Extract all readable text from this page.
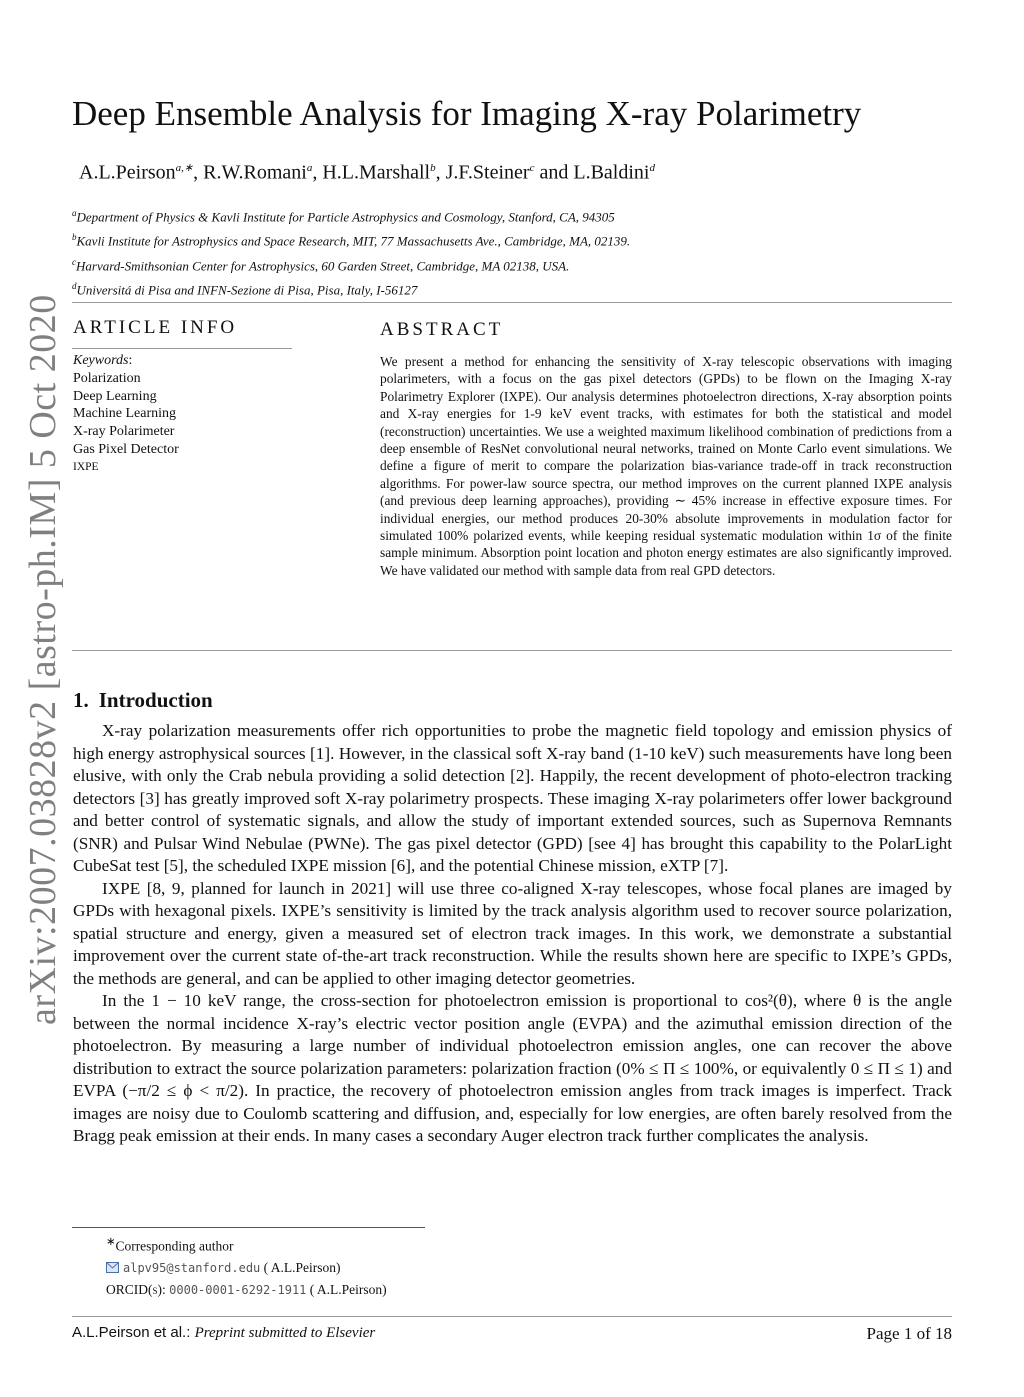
arXiv:2007.03828v2 [astro-ph.IM] 5 Oct 2020
Deep Ensemble Analysis for Imaging X-ray Polarimetry
A.L.Peirson$^{a,∗}$, R.W.Romani$^a$, H.L.Marshall$^b$, J.F.Steiner$^c$ and L.Baldini$^d$
$^a$Department of Physics & Kavli Institute for Particle Astrophysics and Cosmology, Stanford, CA, 94305
$^b$Kavli Institute for Astrophysics and Space Research, MIT, 77 Massachusetts Ave., Cambridge, MA, 02139.
$^c$Harvard-Smithsonian Center for Astrophysics, 60 Garden Street, Cambridge, MA 02138, USA.
$^d$Universitá di Pisa and INFN-Sezione di Pisa, Pisa, Italy, I-56127
ARTICLE INFO
Keywords:
Polarization
Deep Learning
Machine Learning
X-ray Polarimeter
Gas Pixel Detector
IXPE
ABSTRACT

We present a method for enhancing the sensitivity of X-ray telescopic observations with imaging polarimeters, with a focus on the gas pixel detectors (GPDs) to be flown on the Imaging X-ray Polarimetry Explorer (IXPE). Our analysis determines photoelectron directions, X-ray absorption points and X-ray energies for 1-9 keV event tracks, with estimates for both the statistical and model (reconstruction) uncertainties. We use a weighted maximum likelihood combination of predictions from a deep ensemble of ResNet convolutional neural networks, trained on Monte Carlo event simulations. We define a figure of merit to compare the polarization bias-variance trade-off in track reconstruction algorithms. For power-law source spectra, our method improves on the current planned IXPE analysis (and previous deep learning approaches), providing ∼ 45% increase in effective exposure times. For individual energies, our method produces 20-30% absolute improvements in modulation factor for simulated 100% polarized events, while keeping residual systematic modulation within 1σ of the finite sample minimum. Absorption point location and photon energy estimates are also significantly improved. We have validated our method with sample data from real GPD detectors.

1. Introduction

X-ray polarization measurements offer rich opportunities to probe the magnetic field topology and emission physics of high energy astrophysical sources [1]. However, in the classical soft X-ray band (1-10 keV) such measurements have long been elusive, with only the Crab nebula providing a solid detection [2]. Happily, the recent development of photo-electron tracking detectors [3] has greatly improved soft X-ray polarimetry prospects. These imaging X-ray polarimeters offer lower background and better control of systematic signals, and allow the study of important extended sources, such as Supernova Remnants (SNR) and Pulsar Wind Nebulae (PWNe). The gas pixel detector (GPD) [see 4] has brought this capability to the PolarLight CubeSat test [5], the scheduled IXPE mission [6], and the potential Chinese mission, eXTP [7].

IXPE [8, 9, planned for launch in 2021] will use three co-aligned X-ray telescopes, whose focal planes are imaged by GPDs with hexagonal pixels. IXPE’s sensitivity is limited by the track analysis algorithm used to recover source polarization, spatial structure and energy, given a measured set of electron track images. In this work, we demonstrate a substantial improvement over the current state of-the-art track reconstruction. While the results shown here are specific to IXPE’s GPDs, the methods are general, and can be applied to other imaging detector geometries.

In the 1 − 10 keV range, the cross-section for photoelectron emission is proportional to cos²(θ), where θ is the angle between the normal incidence X-ray’s electric vector position angle (EVPA) and the azimuthal emission direction of the photoelectron. By measuring a large number of individual photoelectron emission angles, one can recover the above distribution to extract the source polarization parameters: polarization fraction (0% ≤ Π ≤ 100%, or equivalently 0 ≤ Π ≤ 1) and EVPA (−π/2 ≤ ϕ < π/2). In practice, the recovery of photoelectron emission angles from track images is imperfect. Track images are noisy due to Coulomb scattering and diffusion, and, especially for low energies, are often barely resolved from the Bragg peak emission at their ends. In many cases a secondary Auger electron track further complicates the analysis.

∗Corresponding author
alpv95@stanford.edu ( A.L.Peirson)
ORCID(s): 0000-0001-6292-1911 ( A.L.Peirson)
A.L.Peirson et al.: Preprint submitted to Elsevier	Page 1 of 18
